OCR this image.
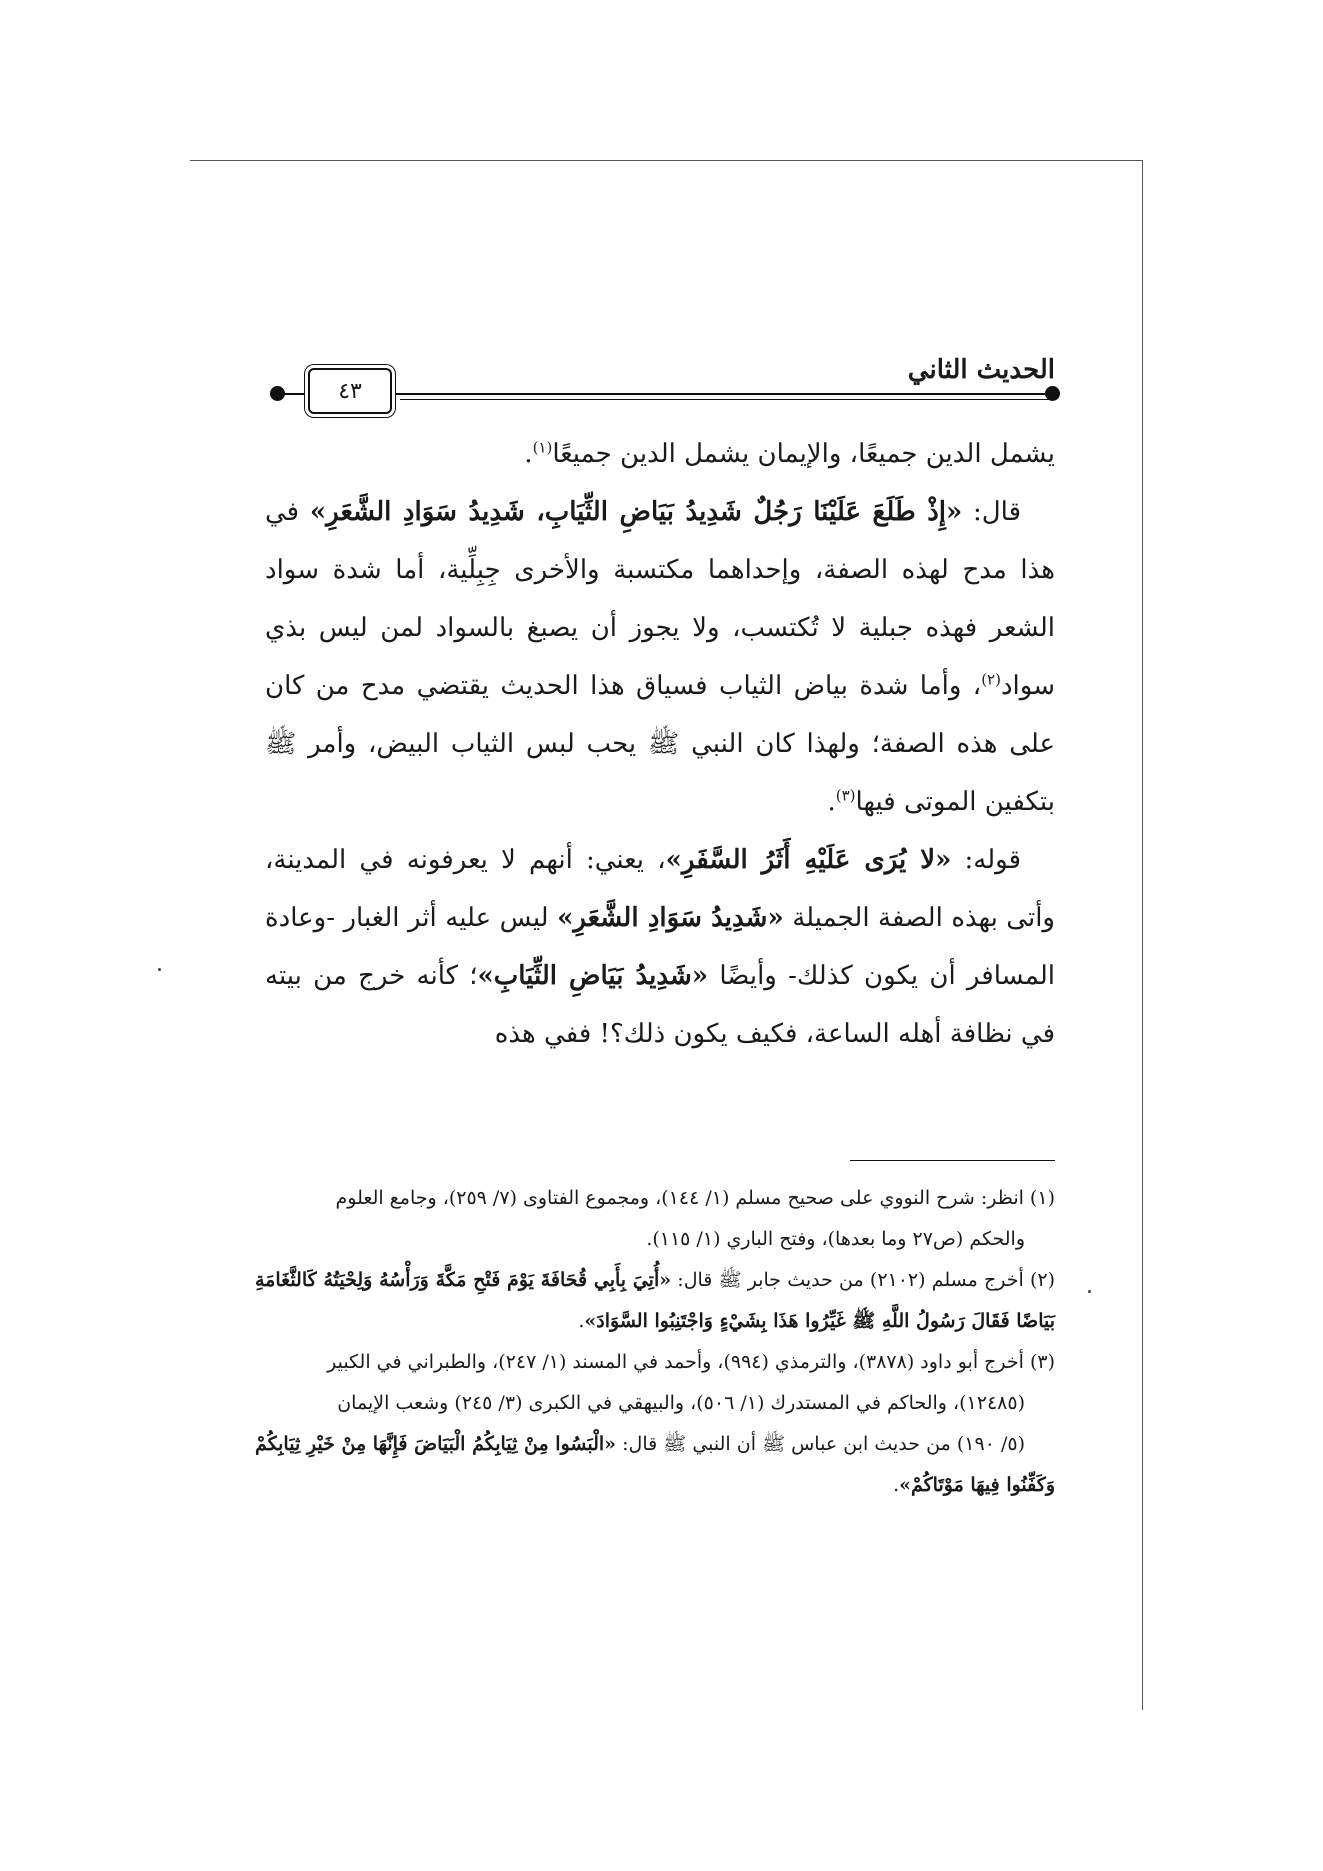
الحديث الثاني
٤٣

يشمل الدين جميعًا، والإيمان يشمل الدين جميعًا$^{(١)}$.

قال: «إِذْ طَلَعَ عَلَيْنَا رَجُلٌ شَدِيدُ بَيَاضِ الثِّيَابِ، شَدِيدُ سَوَادِ الشَّعَرِ» في هذا مدح لهذه الصفة، وإحداهما مكتسبة والأخرى جِبِلِّية، أما شدة سواد الشعر فهذه جبلية لا تُكتسب، ولا يجوز أن يصبغ بالسواد لمن ليس بذي سواد$^{(٢)}$، وأما شدة بياض الثياب فسياق هذا الحديث يقتضي مدح من كان على هذه الصفة؛ ولهذا كان النبي ﷺ يحب لبس الثياب البيض، وأمر ﷺ بتكفين الموتى فيها$^{(٣)}$.

قوله: «لا يُرَى عَلَيْهِ أَثَرُ السَّفَرِ»، يعني: أنهم لا يعرفونه في المدينة، وأتى بهذه الصفة الجميلة «شَدِيدُ سَوَادِ الشَّعَرِ» ليس عليه أثر الغبار -وعادة المسافر أن يكون كذلك- وأيضًا «شَدِيدُ بَيَاضِ الثِّيَابِ»؛ كأنه خرج من بيته في نظافة أهله الساعة، فكيف يكون ذلك؟! ففي هذه

(١) انظر: شرح النووي على صحيح مسلم (١/ ١٤٤)، ومجموع الفتاوى (٧/ ٢٥٩)، وجامع العلوم
والحكم (ص٢٧ وما بعدها)، وفتح الباري (١/ ١١٥).

(٢) أخرج مسلم (٢١٠٢) من حديث جابر ﷺ قال: «أُتِيَ بِأَبِي قُحَافَةَ يَوْمَ فَتْحِ مَكَّةَ وَرَأْسُهُ وَلِحْيَتُهُ كَالثَّغَامَةِ بَيَاضًا فَقَالَ رَسُولُ اللَّهِ ﷺ غَيِّرُوا هَذَا بِشَيْءٍ وَاجْتَنِبُوا السَّوَادَ».

(٣) أخرج أبو داود (٣٨٧٨)، والترمذي (٩٩٤)، وأحمد في المسند (١/ ٢٤٧)، والطبراني في الكبير
(١٢٤٨٥)، والحاكم في المستدرك (١/ ٥٠٦)، والبيهقي في الكبرى (٣/ ٢٤٥) وشعب الإيمان
(٥/ ١٩٠) من حديث ابن عباس ﷺ أن النبي ﷺ قال: «الْبَسُوا مِنْ ثِيَابِكُمُ الْبَيَاضَ فَإِنَّهَا مِنْ خَيْرِ ثِيَابِكُمْ وَكَفِّنُوا فِيهَا مَوْتَاكُمْ».
